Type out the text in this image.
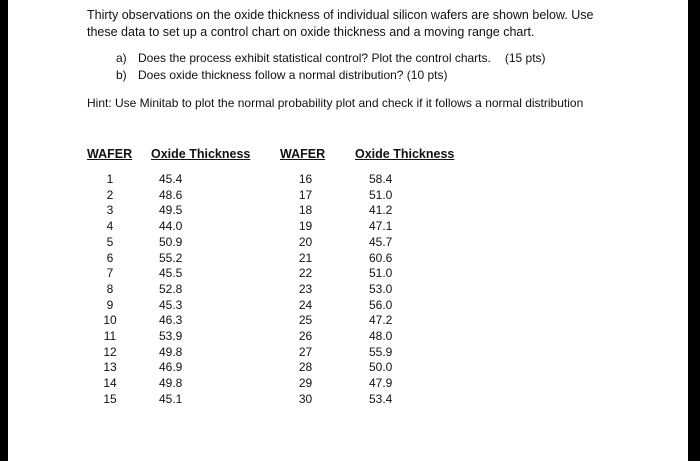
Thirty observations on the oxide thickness of individual silicon wafers are shown below. Use these data to set up a control chart on oxide thickness and a moving range chart.

a) Does the process exhibit statistical control? Plot the control charts. (15 pts)
b) Does oxide thickness follow a normal distribution? (10 pts)

Hint: Use Minitab to plot the normal probability plot and check if it follows a normal distribution

WAFER	Oxide Thickness	WAFER	Oxide Thickness
1	45.4	16	58.4
2	48.6	17	51.0
3	49.5	18	41.2
4	44.0	19	47.1
5	50.9	20	45.7
6	55.2	21	60.6
7	45.5	22	51.0
8	52.8	23	53.0
9	45.3	24	56.0
10	46.3	25	47.2
11	53.9	26	48.0
12	49.8	27	55.9
13	46.9	28	50.0
14	49.8	29	47.9
15	45.1	30	53.4
